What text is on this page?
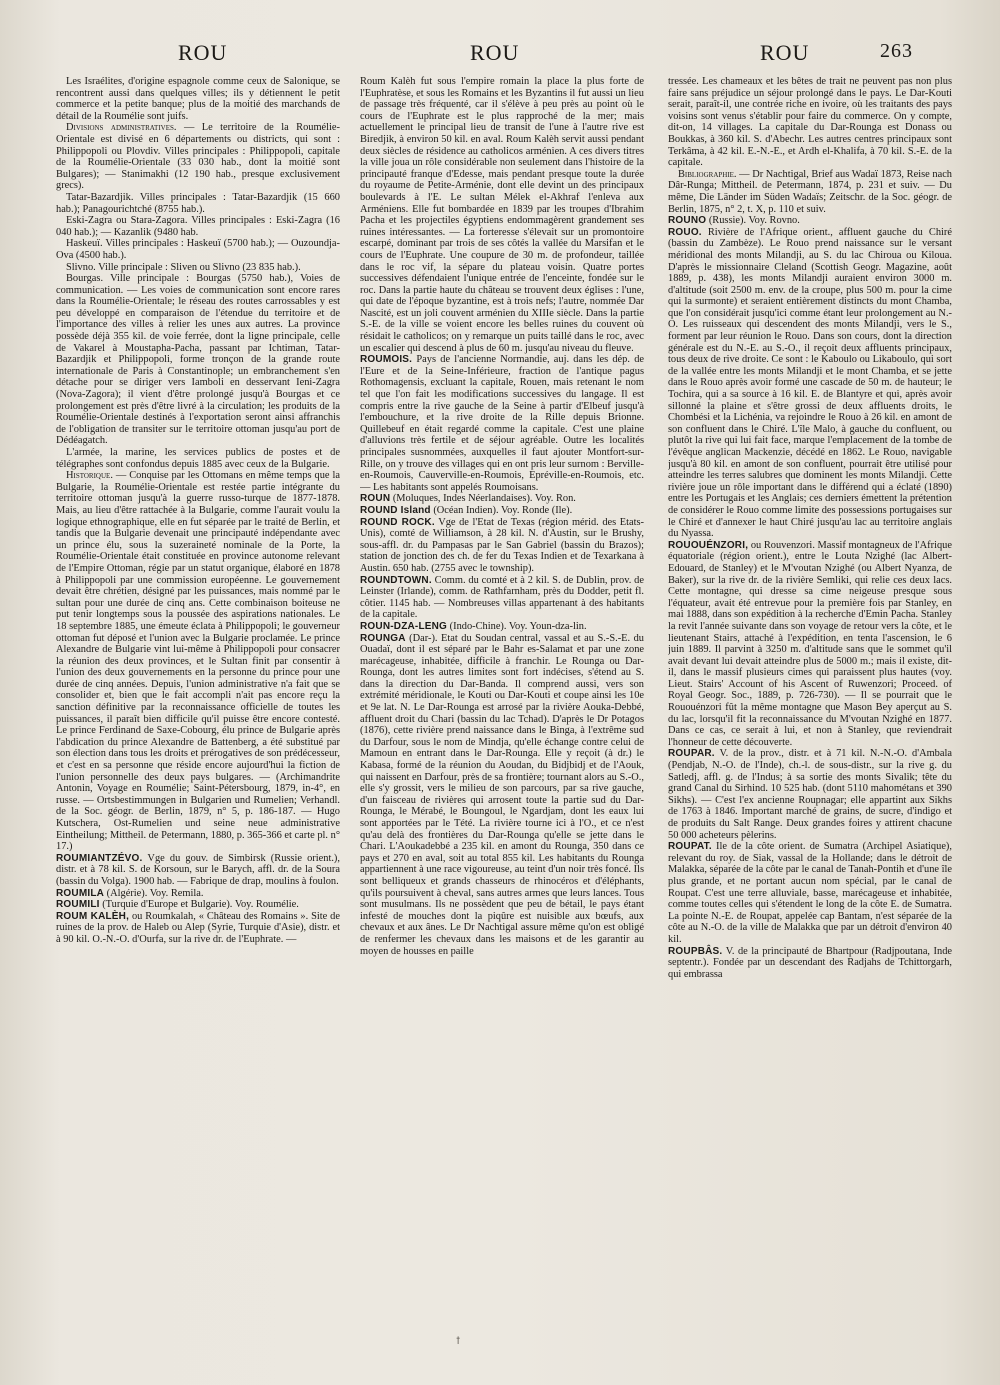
ROU	ROU	ROU	263

Les Israélites, d'origine espagnole comme ceux de Salonique, se rencontrent aussi dans quelques villes; ils y détiennent le petit commerce et la petite banque; plus de la moitié des marchands de détail de la Roumélie sont juifs.

Divisions administratives. — Le territoire de la Roumélie-Orientale est divisé en 6 départements ou districts, qui sont : Philippopoli ou Plovdiv. Villes principales : Philippopoli, capitale de la Roumélie-Orientale (33 030 hab., dont la moitié sont Bulgares); — Stanimakhi (12 190 hab., presque exclusivement grecs).

Tatar-Bazardjik. Villes principales : Tatar-Bazardjik (15 660 hab.); Panagourichtché (8755 hab.).

Eski-Zagra ou Stara-Zagora. Villes principales : Eski-Zagra (16 040 hab.); — Kazanlik (9480 hab.

Haskeuï. Villes principales : Haskeuï (5700 hab.); — Ouzoundja-Ova (4500 hab.).

Slivno. Ville principale : Sliven ou Slivno (23 835 hab.).

Bourgas. Ville principale : Bourgas (5750 hab.), Voies de communication. — Les voies de communication sont encore rares dans la Roumélie-Orientale; le réseau des routes carrossables y est peu développé en comparaison de l'étendue du territoire et de l'importance des villes à relier les unes aux autres. La province possède déjà 355 kil. de voie ferrée, dont la ligne principale, celle de Vakarel à Moustapha-Pacha, passant par Ichtiman, Tatar-Bazardjik et Philippopoli, forme tronçon de la grande route internationale de Paris à Constantinople; un embranchement s'en détache pour se diriger vers Iamboli en desservant Ieni-Zagra (Nova-Zagora); il vient d'être prolongé jusqu'à Bourgas et ce prolongement est près d'être livré à la circulation; les produits de la Roumélie-Orientale destinés à l'exportation seront ainsi affranchis de l'obligation de transiter sur le territoire ottoman jusqu'au port de Dédéagatch.

L'armée, la marine, les services publics de postes et de télégraphes sont confondus depuis 1885 avec ceux de la Bulgarie.

Historique. — Conquise par les Ottomans en même temps que la Bulgarie, la Roumélie-Orientale est restée partie intégrante du territoire ottoman jusqu'à la guerre russo-turque de 1877-1878. Mais, au lieu d'être rattachée à la Bulgarie, comme l'aurait voulu la logique ethnographique, elle en fut séparée par le traité de Berlin, et tandis que la Bulgarie devenait une principauté indépendante avec un prince élu, sous la suzeraineté nominale de la Porte, la Roumélie-Orientale était constituée en province autonome relevant de l'Empire Ottoman, régie par un statut organique, élaboré en 1878 à Philippopoli par une commission européenne. Le gouvernement devait être chrétien, désigné par les puissances, mais nommé par le sultan pour une durée de cinq ans. Cette combinaison boiteuse ne put tenir longtemps sous la poussée des aspirations nationales. Le 18 septembre 1885, une émeute éclata à Philippopoli; le gouverneur ottoman fut déposé et l'union avec la Bulgarie proclamée. Le prince Alexandre de Bulgarie vint lui-même à Philippopoli pour consacrer la réunion des deux provinces, et le Sultan finit par consentir à l'union des deux gouvernements en la personne du prince pour une durée de cinq années. Depuis, l'union administrative n'a fait que se consolider et, bien que le fait accompli n'ait pas encore reçu la sanction définitive par la reconnaissance officielle de toutes les puissances, il paraît bien difficile qu'il puisse être encore contesté. Le prince Ferdinand de Saxe-Cobourg, élu prince de Bulgarie après l'abdication du prince Alexandre de Battenberg, a été substitué par son élection dans tous les droits et prérogatives de son prédécesseur, et c'est en sa personne que réside encore aujourd'hui la fiction de l'union personnelle des deux pays bulgares. — (Archimandrite Antonin, Voyage en Roumélie; Saint-Pétersbourg, 1879, in-4°, en russe. — Ortsbestimmungen in Bulgarien und Rumelien; Verhandl. de la Soc. géogr. de Berlin, 1879, n° 5, p. 186-187. — Hugo Kutschera, Ost-Rumelien und seine neue administrative Eintheilung; Mittheil. de Petermann, 1880, p. 365-366 et carte pl. n° 17.)

ROUMIANTZÉVO. Vge du gouv. de Simbirsk (Russie orient.), distr. et à 78 kil. S. de Korsoun, sur le Barych, affl. dr. de la Soura (bassin du Volga). 1900 hab. — Fabrique de drap, moulins à foulon.

ROUMILA (Algérie). Voy. Remila.

ROUMILI (Turquie d'Europe et Bulgarie). Voy. Roumélie.

ROUM KALÈH, ou Roumkalah, « Château des Romains ». Site de ruines de la prov. de Haleb ou Alep (Syrie, Turquie d'Asie), distr. et à 90 kil. O.-N.-O. d'Ourfa, sur la rive dr. de l'Euphrate. —

Roum Kalèh fut sous l'empire romain la place la plus forte de l'Euphratèse, et sous les Romains et les Byzantins il fut aussi un lieu de passage très fréquenté, car il s'élève à peu près au point où le cours de l'Euphrate est le plus rapproché de la mer; mais actuellement le principal lieu de transit de l'une à l'autre rive est Biredjik, à environ 50 kil. en aval. Roum Kalèh servit aussi pendant deux siècles de résidence au catholicos arménien. A ces divers titres la ville joua un rôle considérable non seulement dans l'histoire de la principauté franque d'Edesse, mais pendant presque toute la durée du royaume de Petite-Arménie, dont elle devint un des principaux boulevards à l'E. Le sultan Mélek el-Akhraf l'enleva aux Arméniens. Elle fut bombardée en 1839 par les troupes d'Ibrahim Pacha et les projectiles égyptiens endommagèrent grandement ses ruines intéressantes. — La forteresse s'élevait sur un promontoire escarpé, dominant par trois de ses côtés la vallée du Marsifan et le cours de l'Euphrate. Une coupure de 30 m. de profondeur, taillée dans le roc vif, la sépare du plateau voisin. Quatre portes successives défendaient l'unique entrée de l'enceinte, fondée sur le roc. Dans la partie haute du château se trouvent deux églises : l'une, qui date de l'époque byzantine, est à trois nefs; l'autre, nommée Dar Nascité, est un joli couvent arménien du XIIIe siècle. Dans la partie S.-E. de la ville se voient encore les belles ruines du couvent où résidait le catholicos; on y remarque un puits taillé dans le roc, avec un escalier qui descend à plus de 60 m. jusqu'au niveau du fleuve.

ROUMOIS. Pays de l'ancienne Normandie, auj. dans les dép. de l'Eure et de la Seine-Inférieure, fraction de l'antique pagus Rothomagensis, excluant la capitale, Rouen, mais retenant le nom tel que l'on fait les modifications successives du langage. Il est compris entre la rive gauche de la Seine à partir d'Elbeuf jusqu'à l'embouchure, et la rive droite de la Rille depuis Brionne. Quillebeuf en était regardé comme la capitale. C'est une plaine d'alluvions très fertile et de séjour agréable. Outre les localités principales susnommées, auxquelles il faut ajouter Montfort-sur-Rille, on y trouve des villages qui en ont pris leur surnom : Berville-en-Roumois, Cauverville-en-Roumois, Epréville-en-Roumois, etc. — Les habitants sont appelés Roumoisans.

ROUN (Moluques, Indes Néerlandaises). Voy. Ron.

ROUND Island (Océan Indien). Voy. Ronde (Ile).

ROUND ROCK. Vge de l'Etat de Texas (région mérid. des Etats-Unis), comté de Williamson, à 28 kil. N. d'Austin, sur le Brushy, sous-affl. dr. du Pampasas par le San Gabriel (bassin du Brazos); station de jonction des ch. de fer du Texas Indien et de Texarkana à Austin. 650 hab. (2755 avec le township).

ROUNDTOWN. Comm. du comté et à 2 kil. S. de Dublin, prov. de Leinster (Irlande), comm. de Rathfarnham, près du Dodder, petit fl. côtier. 1145 hab. — Nombreuses villas appartenant à des habitants de la capitale.

ROUN-DZA-LENG (Indo-Chine). Voy. Youn-dza-lin.

ROUNGA (Dar-). Etat du Soudan central, vassal et au S.-S.-E. du Ouadaï, dont il est séparé par le Bahr es-Salamat et par une zone marécageuse, inhabitée, difficile à franchir. Le Rounga ou Dar-Rounga, dont les autres limites sont fort indécises, s'étend au S. dans la direction du Dar-Banda. Il comprend aussi, vers son extrémité méridionale, le Kouti ou Dar-Kouti et coupe ainsi les 10e et 9e lat. N. Le Dar-Rounga est arrosé par la rivière Aouka-Debbé, affluent droit du Chari (bassin du lac Tchad). D'après le Dr Potagos (1876), cette rivière prend naissance dans le Binga, à l'extrême sud du Darfour, sous le nom de Mindja, qu'elle échange contre celui de Mamoun en entrant dans le Dar-Rounga. Elle y reçoit (à dr.) le Kabasa, formé de la réunion du Aoudan, du Bidjbidj et de l'Aouk, qui naissent en Darfour, près de sa frontière; tournant alors au S.-O., elle s'y grossit, vers le milieu de son parcours, par sa rive gauche, d'un faisceau de rivières qui arrosent toute la partie sud du Dar-Rounga, le Mérabé, le Boungoul, le Ngardjam, dont les eaux lui sont apportées par le Tété. La rivière tourne ici à l'O., et ce n'est qu'au delà des frontières du Dar-Rounga qu'elle se jette dans le Chari. L'Aoukadebbé a 235 kil. en amont du Rounga, 350 dans ce pays et 270 en aval, soit au total 855 kil. Les habitants du Rounga appartiennent à une race vigoureuse, au teint d'un noir très foncé. Ils sont belliqueux et grands chasseurs de rhinocéros et d'éléphants, qu'ils poursuivent à cheval, sans autres armes que leurs lances. Tous sont musulmans. Ils ne possèdent que peu de bétail, le pays étant infesté de mouches dont la piqûre est nuisible aux bœufs, aux chevaux et aux ânes. Le Dr Nachtigal assure même qu'on est obligé de renfermer les chevaux dans les maisons et de les garantir au moyen de housses en paille

tressée. Les chameaux et les bêtes de trait ne peuvent pas non plus faire sans préjudice un séjour prolongé dans le pays. Le Dar-Kouti serait, paraît-il, une contrée riche en ivoire, où les traitants des pays voisins sont venus s'établir pour faire du commerce. On y compte, dit-on, 14 villages. La capitale du Dar-Rounga est Donass ou Boukkas, à 360 kil. S. d'Abechr. Les autres centres principaux sont Terkâma, à 42 kil. E.-N.-E., et Ardh el-Khalifa, à 70 kil. S.-E. de la capitale.

Bibliographie. — Dr Nachtigal, Brief aus Wadaï 1873, Reise nach Dâr-Runga; Mittheil. de Petermann, 1874, p. 231 et suiv. — Du même, Die Länder im Süden Wadaïs; Zeitschr. de la Soc. géogr. de Berlin, 1875, n° 2, t. X, p. 110 et suiv.

ROUNO (Russie). Voy. Rovno.

ROUO. Rivière de l'Afrique orient., affluent gauche du Chiré (bassin du Zambèze). Le Rouo prend naissance sur le versant méridional des monts Milandji, au S. du lac Chiroua ou Kiloua. D'après le missionnaire Cleland (Scottish Geogr. Magazine, août 1889, p. 438), les monts Milandji auraient environ 3000 m. d'altitude (soit 2500 m. env. de la croupe, plus 500 m. pour la cime qui la surmonte) et seraient entièrement distincts du mont Chamba, que l'on considérait jusqu'ici comme étant leur prolongement au N.-O. Les ruisseaux qui descendent des monts Milandji, vers le S., forment par leur réunion le Rouo. Dans son cours, dont la direction générale est du N.-E. au S.-O., il reçoit deux affluents principaux, tous deux de rive droite. Ce sont : le Kaboulo ou Likaboulo, qui sort de la vallée entre les monts Milandji et le mont Chamba, et se jette dans le Rouo après avoir formé une cascade de 50 m. de hauteur; le Tochira, qui a sa source à 16 kil. E. de Blantyre et qui, après avoir sillonné la plaine et s'être grossi de deux affluents droits, le Chombési et la Lichénia, va rejoindre le Rouo à 26 kil. en amont de son confluent dans le Chiré. L'île Malo, à gauche du confluent, ou plutôt la rive qui lui fait face, marque l'emplacement de la tombe de l'évêque anglican Mackenzie, décédé en 1862. Le Rouo, navigable jusqu'à 80 kil. en amont de son confluent, pourrait être utilisé pour atteindre les terres salubres que dominent les monts Milandji. Cette rivière joue un rôle important dans le différend qui a éclaté (1890) entre les Portugais et les Anglais; ces derniers émettent la prétention de considérer le Rouo comme limite des possessions portugaises sur le Chiré et d'annexer le haut Chiré jusqu'au lac au territoire anglais du Nyassa.

ROUOUÉNZORI, ou Rouvenzori. Massif montagneux de l'Afrique équatoriale (région orient.), entre le Louta Nzighé (lac Albert-Edouard, de Stanley) et le M'voutan Nzighé (ou Albert Nyanza, de Baker), sur la rive dr. de la rivière Semliki, qui relie ces deux lacs. Cette montagne, qui dresse sa cime neigeuse presque sous l'équateur, avait été entrevue pour la première fois par Stanley, en mai 1888, dans son expédition à la recherche d'Emin Pacha. Stanley la revit l'année suivante dans son voyage de retour vers la côte, et le lieutenant Stairs, attaché à l'expédition, en tenta l'ascension, le 6 juin 1889. Il parvint à 3250 m. d'altitude sans que le sommet qu'il avait devant lui devait atteindre plus de 5000 m.; mais il existe, dit-il, dans le massif plusieurs cimes qui paraissent plus hautes (voy. Lieut. Stairs' Account of his Ascent of Ruwenzori; Proceed. of Royal Geogr. Soc., 1889, p. 726-730). — Il se pourrait que le Rououénzori fût la même montagne que Mason Bey aperçut au S. du lac, lorsqu'il fit la reconnaissance du M'voutan Nzighé en 1877. Dans ce cas, ce serait à lui, et non à Stanley, que reviendrait l'honneur de cette découverte.

ROUPAR. V. de la prov., distr. et à 71 kil. N.-N.-O. d'Ambala (Pendjab, N.-O. de l'Inde), ch.-l. de sous-distr., sur la rive g. du Satledj, affl. g. de l'Indus; à sa sortie des monts Sivalik; tête du grand Canal du Sirhind. 10 525 hab. (dont 5110 mahométans et 390 Sikhs). — C'est l'ex ancienne Roupnagar; elle appartint aux Sikhs de 1763 à 1846. Important marché de grains, de sucre, d'indigo et de produits du Salt Range. Deux grandes foires y attirent chacune 50 000 acheteurs pèlerins.

ROUPAT. Ile de la côte orient. de Sumatra (Archipel Asiatique), relevant du roy. de Siak, vassal de la Hollande; dans le détroit de Malakka, séparée de la côte par le canal de Tanah-Pontih et d'une île plus grande, et ne portant aucun nom spécial, par le canal de Roupat. C'est une terre alluviale, basse, marécageuse et inhabitée, comme toutes celles qui s'étendent le long de la côte E. de Sumatra. La pointe N.-E. de Roupat, appelée cap Bantam, n'est séparée de la côte au N.-O. de la ville de Malakka que par un détroit d'environ 40 kil.

ROUPBÂS. V. de la principauté de Bhartpour (Radjpoutana, Inde septentr.). Fondée par un descendant des Radjahs de Tchittorgarh, qui embrassa

ꝉ
